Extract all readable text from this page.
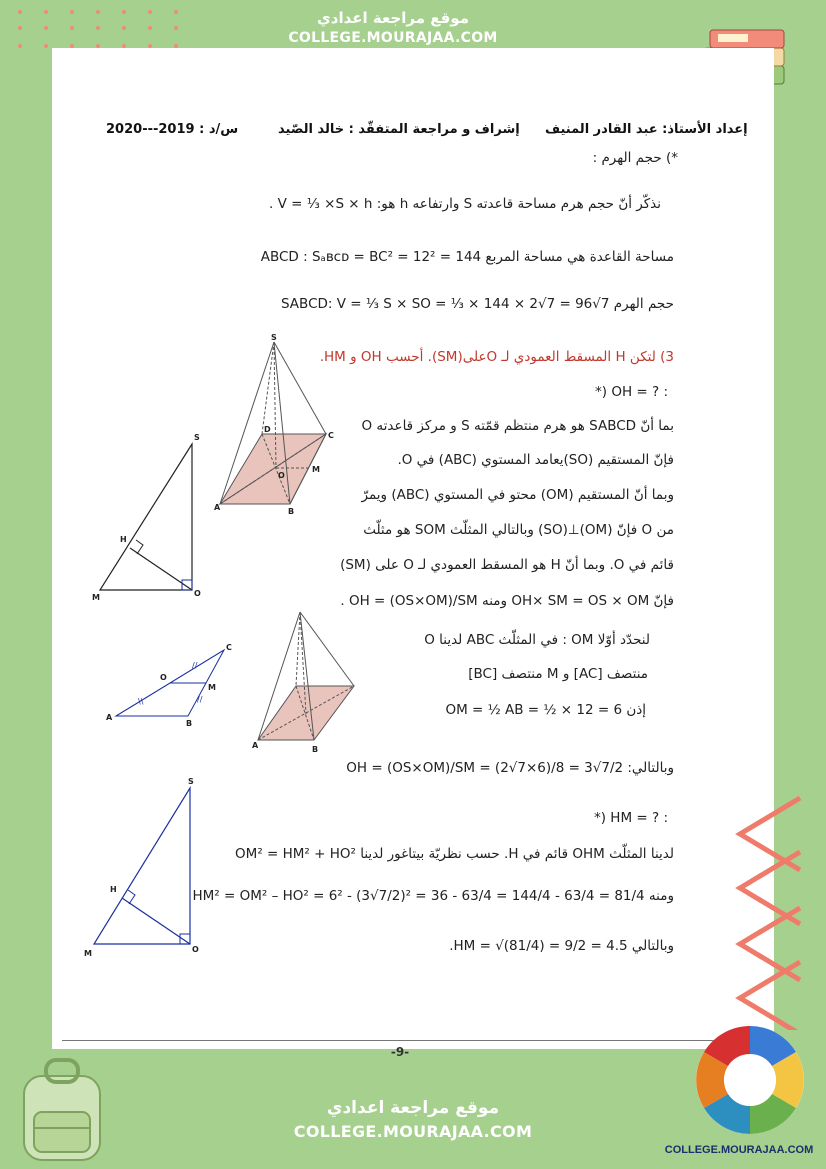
موقع مراجعة اعدادي
COLLEGE.MOURAJAA.COM
إعداد الأستاذ: عبد القادر المنيف
إشراف و مراجعة المتفقّد : خالد الصّيد
س/د : 2019---2020
*) حجم الهرم :
نذكّر أنّ حجم هرم مساحة قاعدته S وارتفاعه h هو: V = ⅓ ×S × h .
مساحة القاعدة هي مساحة المربع ABCD : Sₐʙᴄᴅ = BC² = 12² = 144
حجم الهرم SABCD: V = ⅓ S × SO = ⅓ × 144 × 2√7 = 96√7
3) لتكن H المسقط العمودي لـ Oعلى(SM). أحسب OH و HM.
*) OH = ? :
بما أنّ SABCD هو هرم منتظم قمّته S و مركز قاعدته O
فإنّ المستقيم (SO)يعامد المستوي (ABC) في O.
وبما أنّ المستقيم (OM) محتو في المستوي (ABC) ويمرّ
من O فإنّ (OM)⊥(SO) وبالتالي المثلّث SOM هو مثلّث
قائم في O. وبما أنّ H هو المسقط العمودي لـ O على (SM)
فإنّ OH× SM = OS × OM ومنه OH = (OS×OM)/SM .
لنحدّد أوّلا OM : في المثلّث ABC لدينا O
منتصف [AC] و M منتصف [BC]
إذن OM = ½ AB = ½ × 12 = 6
وبالتالي: OH = (OS×OM)/SM = (2√7×6)/8 = 3√7/2
*) HM = ? :
لدينا المثلّث OHM قائم في H. حسب نظريّة بيتاغور لدينا OM² = HM² + HO²
ومنه HM² = OM² – HO² = 6² - (3√7/2)² = 36 - 63/4 = 144/4 - 63/4 = 81/4
وبالتالي HM = √(81/4) = 9/2 = 4.5.
S
A	B
C
D
O
M
S
H
M	O
//
//
\\
A
B
C
O
M
A	B
S
H
M	O
-9-
موقع مراجعة اعدادي
COLLEGE.MOURAJAA.COM
COLLEGE.MOURAJAA.COM
